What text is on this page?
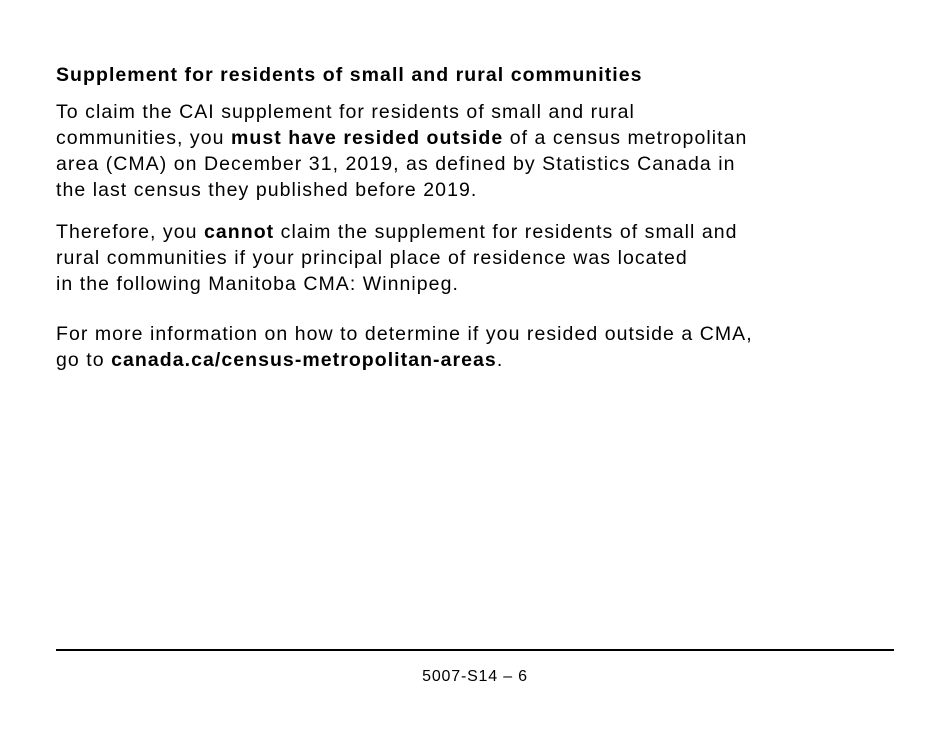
Supplement for residents of small and rural communities

To claim the CAI supplement for residents of small and rural
communities, you must have resided outside of a census metropolitan
area (CMA) on December 31, 2019, as defined by Statistics Canada in
the last census they published before 2019.

Therefore, you cannot claim the supplement for residents of small and
rural communities if your principal place of residence was located
in the following Manitoba CMA: Winnipeg.

For more information on how to determine if you resided outside a CMA,
go to canada.ca/census-metropolitan-areas.

5007-S14 – 6
